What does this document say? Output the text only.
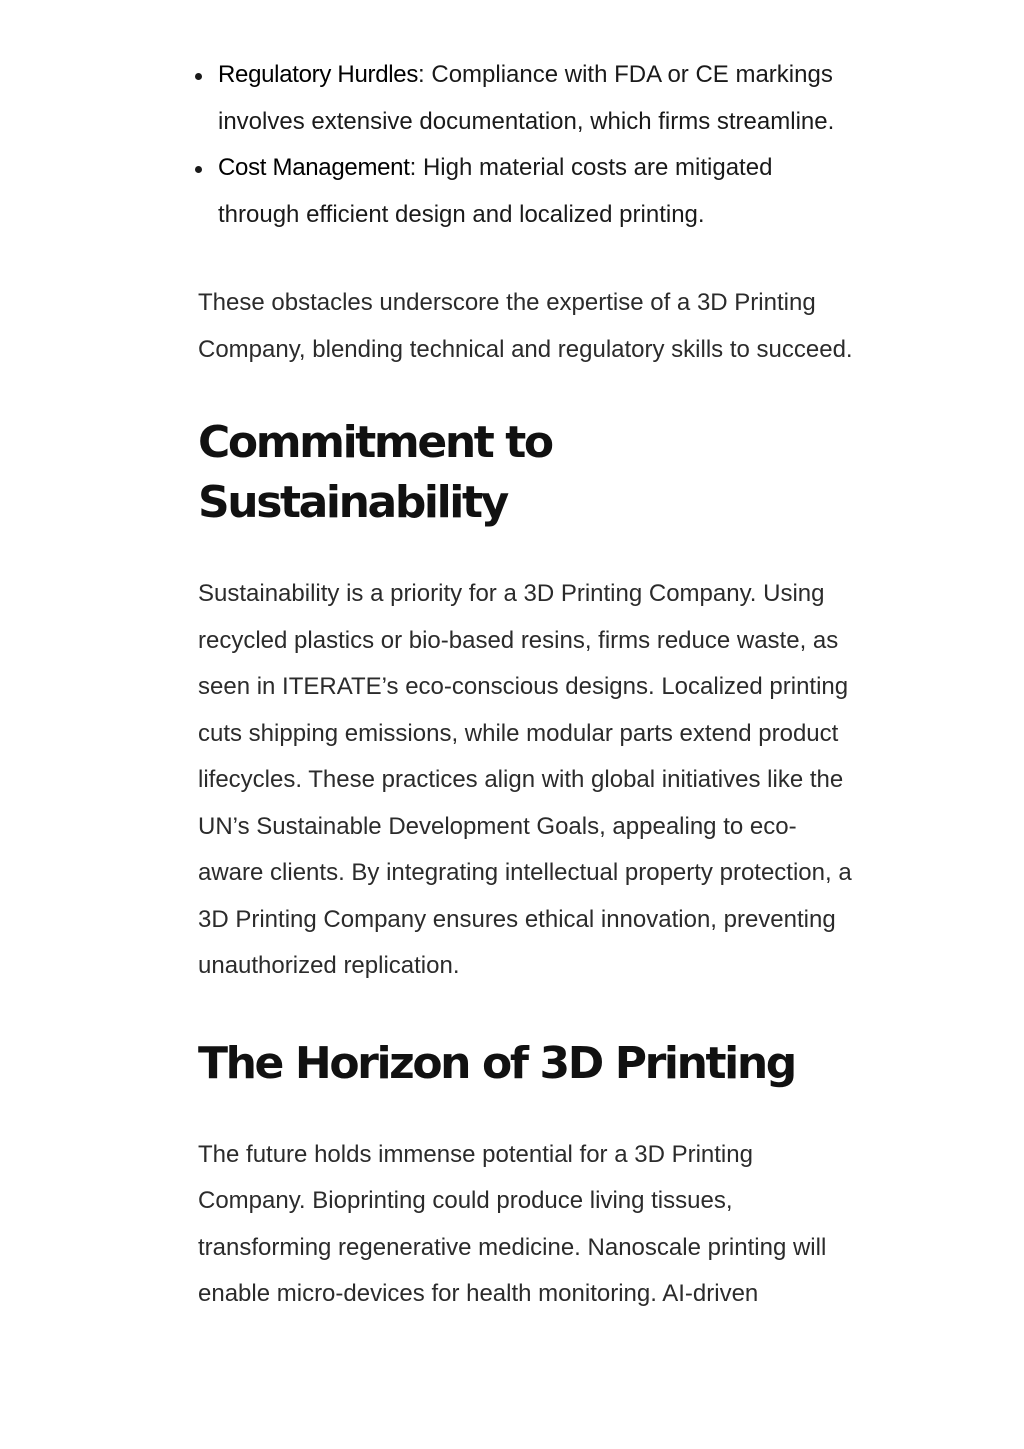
Regulatory Hurdles: Compliance with FDA or CE markings involves extensive documentation, which firms streamline.
Cost Management: High material costs are mitigated through efficient design and localized printing.

These obstacles underscore the expertise of a 3D Printing Company, blending technical and regulatory skills to succeed.

Commitment to Sustainability

Sustainability is a priority for a 3D Printing Company. Using recycled plastics or bio-based resins, firms reduce waste, as seen in ITERATE’s eco-conscious designs. Localized printing cuts shipping emissions, while modular parts extend product lifecycles. These practices align with global initiatives like the UN’s Sustainable Development Goals, appealing to eco-aware clients. By integrating intellectual property protection, a 3D Printing Company ensures ethical innovation, preventing unauthorized replication.

The Horizon of 3D Printing

The future holds immense potential for a 3D Printing Company. Bioprinting could produce living tissues, transforming regenerative medicine. Nanoscale printing will enable micro-devices for health monitoring. AI-driven
